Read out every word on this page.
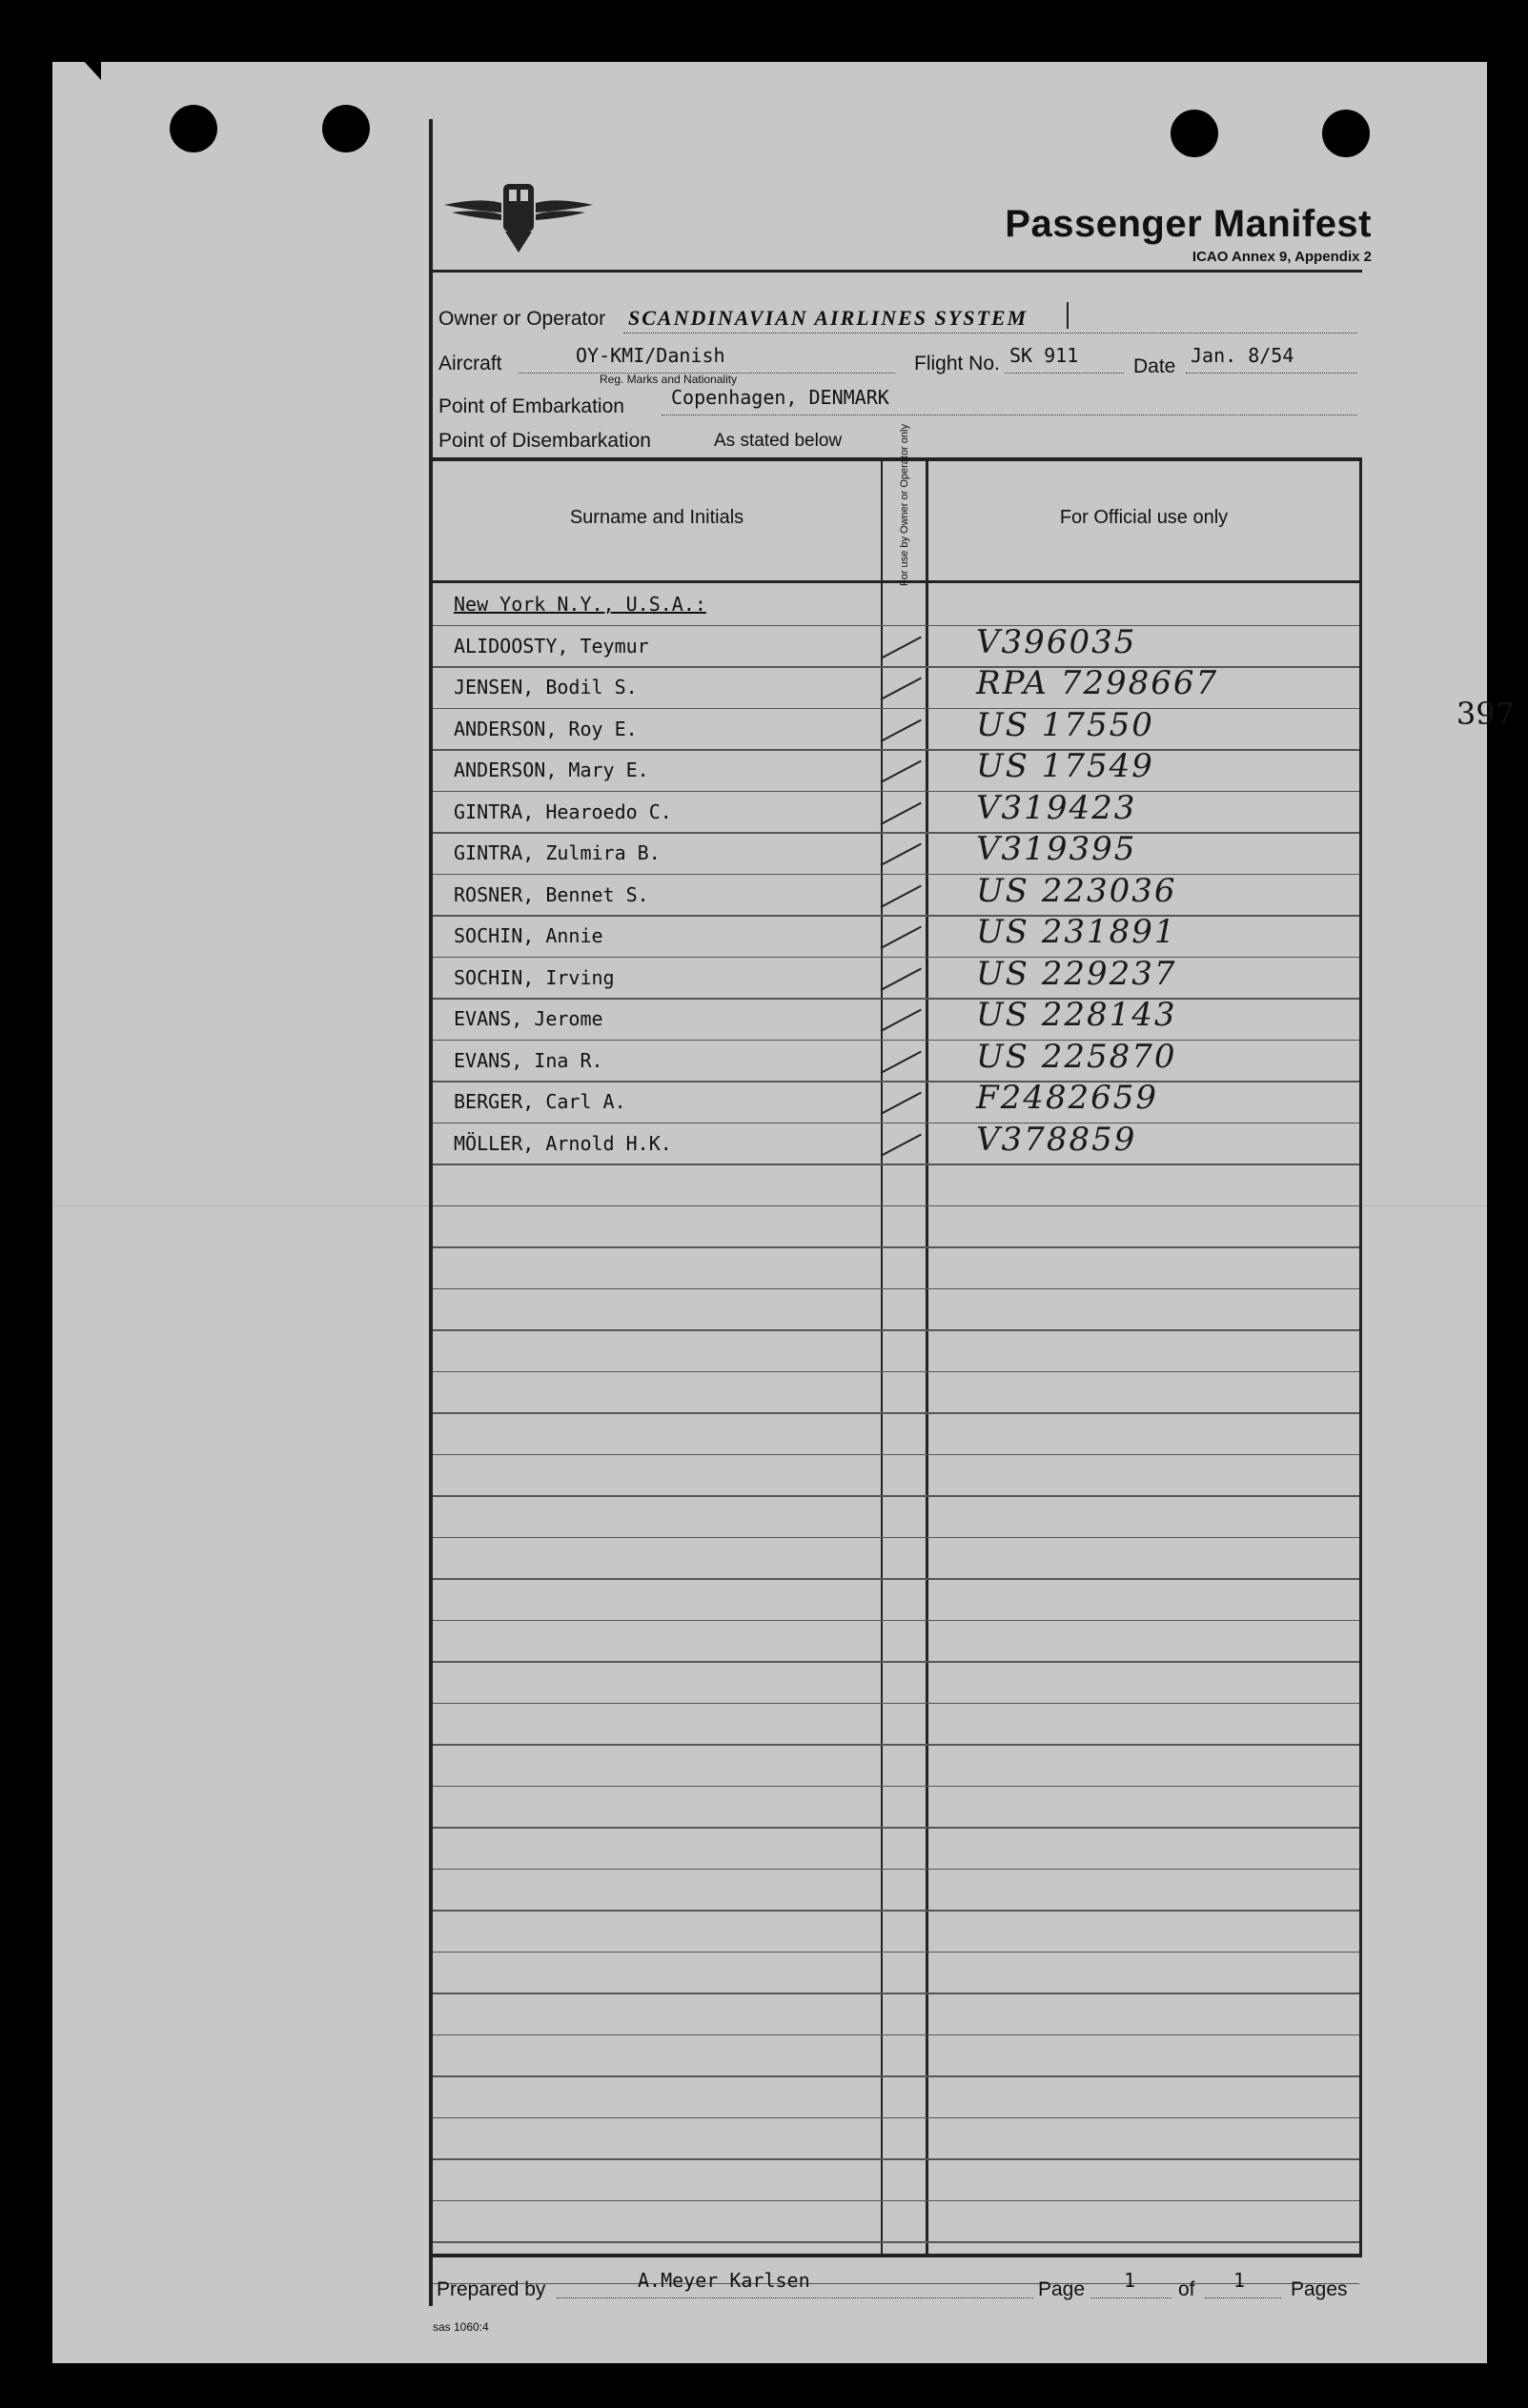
Passenger Manifest
ICAO Annex 9, Appendix 2
Owner or Operator SCANDINAVIAN AIRLINES SYSTEM
Aircraft	OY-KMI/Danish
Reg. Marks and Nationality
Flight No. SK 911	Date Jan. 8/54
Point of Embarkation Copenhagen, DENMARK
Point of Disembarkation	As stated below
Surname and Initials	For use by Owner or Operator only	For Official use only
New York N.Y., U.S.A.:
ALIDOOSTY, Teymur	V396035
JENSEN, Bodil S.	RPA 7298667
ANDERSON, Roy E.	US 17550
ANDERSON, Mary E.	US 17549
GINTRA, Hearoedo C.	V319423
GINTRA, Zulmira B.	V319395
ROSNER, Bennet S.	US 223036
SOCHIN, Annie	US 231891
SOCHIN, Irving	US 229237
EVANS, Jerome	US 228143
EVANS, Ina R.	US 225870
BERGER, Carl A.	F2482659
MÖLLER, Arnold H.K.	V378859
Prepared by	A.Meyer Karlsen	Page 1 of 1 Pages
sas 1060:4
397
